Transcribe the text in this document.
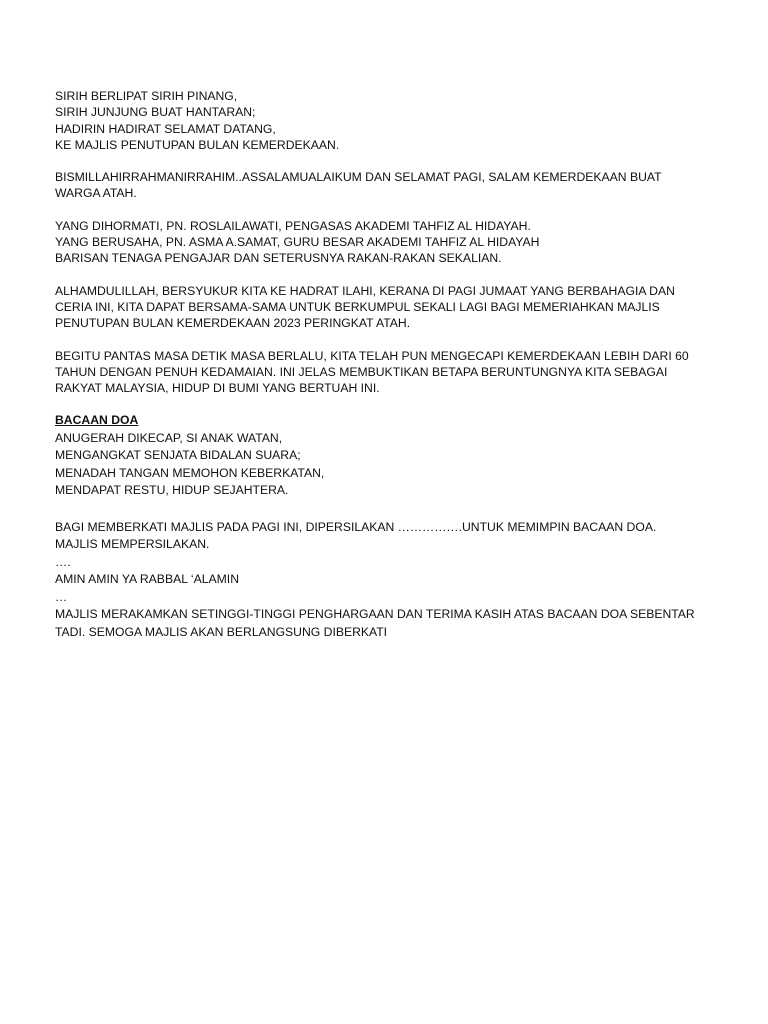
SIRIH BERLIPAT SIRIH PINANG,
SIRIH JUNJUNG BUAT HANTARAN;
HADIRIN HADIRAT SELAMAT DATANG,
KE MAJLIS PENUTUPAN BULAN KEMERDEKAAN.
BISMILLAHIRRAHMANIRRAHIM..ASSALAMUALAIKUM DAN SELAMAT PAGI, SALAM KEMERDEKAAN BUAT
WARGA ATAH.
YANG DIHORMATI, PN. ROSLAILAWATI, PENGASAS AKADEMI TAHFIZ AL HIDAYAH.
YANG BERUSAHA, PN. ASMA A.SAMAT, GURU BESAR AKADEMI TAHFIZ AL HIDAYAH
BARISAN TENAGA PENGAJAR DAN SETERUSNYA RAKAN-RAKAN SEKALIAN.
ALHAMDULILLAH, BERSYUKUR KITA KE HADRAT ILAHI, KERANA DI PAGI JUMAAT YANG BERBAHAGIA DAN
CERIA INI, KITA DAPAT BERSAMA-SAMA UNTUK BERKUMPUL SEKALI LAGI BAGI MEMERIAHKAN MAJLIS
PENUTUPAN BULAN KEMERDEKAAN 2023 PERINGKAT ATAH.
BEGITU PANTAS MASA DETIK MASA BERLALU, KITA TELAH PUN MENGECAPI KEMERDEKAAN LEBIH DARI 60
TAHUN DENGAN PENUH KEDAMAIAN. INI JELAS MEMBUKTIKAN BETAPA BERUNTUNGNYA KITA SEBAGAI
RAKYAT MALAYSIA, HIDUP DI BUMI YANG BERTUAH INI.
BACAAN DOA
ANUGERAH DIKECAP, SI ANAK WATAN,
MENGANGKAT SENJATA BIDALAN SUARA;
MENADAH TANGAN MEMOHON KEBERKATAN,
MENDAPAT RESTU, HIDUP SEJAHTERA.
BAGI MEMBERKATI MAJLIS PADA PAGI INI, DIPERSILAKAN …………….UNTUK MEMIMPIN BACAAN DOA.
MAJLIS MEMPERSILAKAN.
….
AMIN AMIN YA RABBAL ‘ALAMIN
…
MAJLIS MERAKAMKAN SETINGGI-TINGGI PENGHARGAAN DAN TERIMA KASIH ATAS BACAAN DOA SEBENTAR
TADI. SEMOGA MAJLIS AKAN BERLANGSUNG DIBERKATI
